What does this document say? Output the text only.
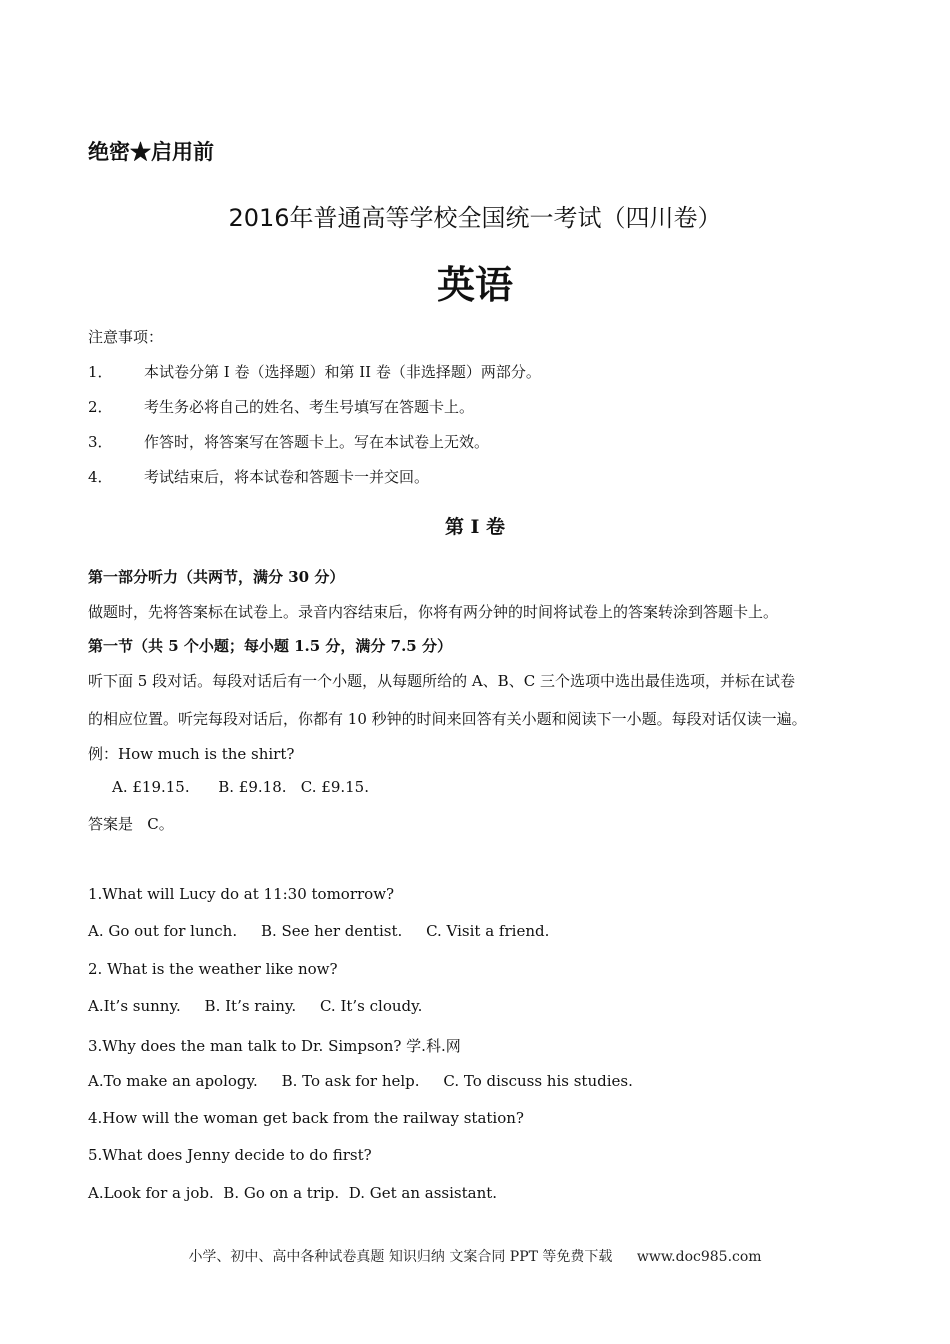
绝密★启用前
2016年普通高等学校全国统一考试（四川卷）
英语
注意事项：
1． 本试卷分第 I 卷（选择题）和第 II 卷（非选择题）两部分。
2． 考生务必将自己的姓名、考生号填写在答题卡上。
3． 作答时，将答案写在答题卡上。写在本试卷上无效。
4． 考试结束后，将本试卷和答题卡一并交回。
第 I 卷
第一部分听力（共两节，满分 30 分）
做题时，先将答案标在试卷上。录音内容结束后，你将有两分钟的时间将试卷上的答案转涂到答题卡上。
第一节（共 5 个小题；每小题 1.5 分，满分 7.5 分）
听下面 5 段对话。每段对话后有一个小题，从每题所给的 A、B、C 三个选项中选出最佳选项，并标在试卷
的相应位置。听完每段对话后，你都有 10 秒钟的时间来回答有关小题和阅读下一小题。每段对话仅读一遍。
例：How much is the shirt?
A. £19.15.      B. £9.18.   C. £9.15.
答案是   C。
1.What will Lucy do at 11:30 tomorrow?
A. Go out for lunch.     B. See her dentist.     C. Visit a friend.
2. What is the weather like now?
A.It’s sunny.     B. It’s rainy.     C. It’s cloudy.
3.Why does the man talk to Dr. Simpson? 学.科.网
A.To make an apology.     B. To ask for help.     C. To discuss his studies.
4.How will the woman get back from the railway station?
5.What does Jenny decide to do first?
A.Look for a job.  B. Go on a trip.  D. Get an assistant.
小学、初中、高中各种试卷真题 知识归纳 文案合同 PPT 等免费下载 www.doc985.com
